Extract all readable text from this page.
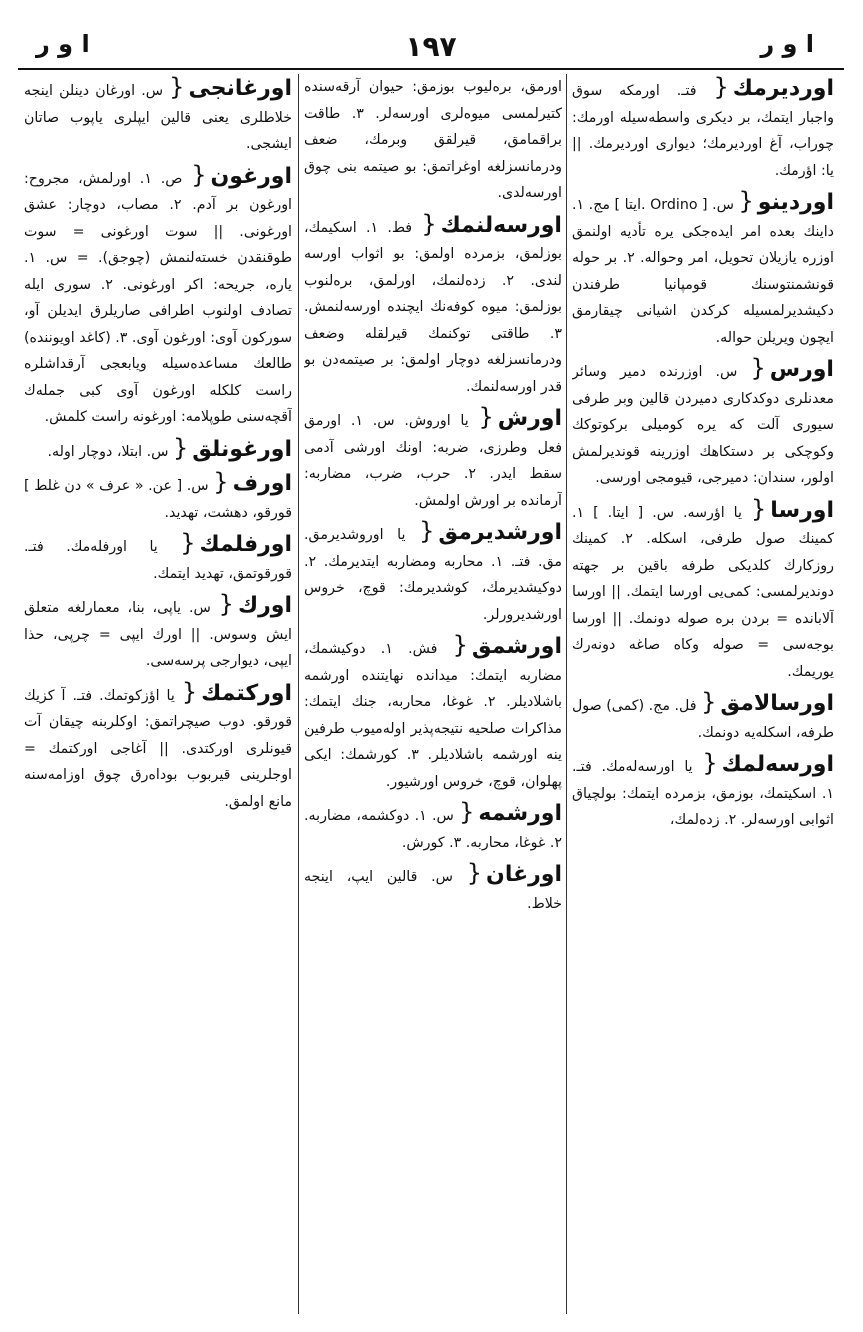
ا و ر	۱۹۷	ا و ر

اوردیرمك{ فتـ. اورمكه سوق واجبار ایتمك، بر دیكری واسطه‌سیله اورمك: چوراب، آغ اوردیرمك؛ دیواری اوردیرمك. || یا: اؤرمك.

اوردینو{ س. [ Ordino .ایتا ] مج. ۱. داینك بعده امر ایده‌جكی یره تأدیه اولنمق اوزره یازیلان تحویل، امر وحواله. ۲. بر حوله قونشمنتوسنك قومپانیا طرفندن دكیشدیرلمسیله كركدن اشیانی چیقارمق ایچون ویریلن حواله.

اورس{ س. اوزرنده دمیر وسائر معدنلری دوكدكاری دمیردن قالین وبر طرفی سیوری آلت كه یره كومیلی بركوتوكك وكوچكی بر دستكاهك اوزرینه قوندیرلمش اولور، سندان: دمیرجی، قیومجی اورسی.

اورسا{ یا اؤرسه. س. [ ایتا. ] ۱. كمینك صول طرفی، اسكله. ۲. كمینك روزكارك كلدیكی طرفه باقین بر جهته دوندیرلمسی: كمی‌یی اورسا ایتمك. || اورسا آلابانده = بردن بره صوله دونمك. || اورسا بوجه‌سی = صوله وكاه صاغه دونه‌رك یوریمك.

اورسالامق{ فل. مج. (كمی) صول طرفه، اسكله‌یه دونمك.

اورسه‌لمك{ یا اورسه‌له‌مك. فتـ. ۱. اسكیتمك، بوزمق، بزمرده ایتمك: بولچیاق اثوابی اورسه‌لر. ۲. زده‌لمك،

اورمق، بره‌لیوب بوزمق: حیوان آرقه‌سنده كتیرلمسی میوه‌لری اورسه‌لر. ۳. طاقت براقمامق، قیرلقق وبرمك، ضعف ودرمانسزلغه اوغراتمق: بو صیتمه بنی چوق اورسه‌لدی.

اورسه‌لنمك{ فط. ۱. اسكیمك، بوزلمق، بزمرده اولمق: بو اثواب اورسه لندی. ۲. زده‌لنمك، اورلمق، بره‌لنوب بوزلمق: میوه كوفه‌نك ایچنده اورسه‌لنمش. ۳. طاقتی توكنمك قیرلقله وضعف ودرمانسزلغه دوچار اولمق: بر صیتمه‌دن بو قدر اورسه‌لنمك.

اورش{ یا اوروش. س. ۱. اورمق فعل وطرزی، ضربه: اونك اورشی آدمی سقط ایدر. ۲. حرب، ضرب، مضاربه: آرمانده بر اورش اولمش.

اورشدیرمق{ یا اوروشدیرمق. مق. فتـ. ۱. محاربه ومضاربه ایتدیرمك. ۲. دوكیشدیرمك، كوشدیرمك: قوچ، خروس اورشدیرورلر.

اورشمق{ فش. ۱. دوكیشمك، مضاربه ایتمك: میدانده نهایتنده اورشمه باشلادیلر. ۲. غوغا، محاربه، جنك ایتمك: مذاكرات صلحیه نتیجه‌پذیر اوله‌میوب طرفین ینه اورشمه باشلادیلر. ۳. كورشمك: ایكی پهلوان، قوچ، خروس اورشیور.

اورشمه{ س. ۱. دوكشمه، مضاربه. ۲. غوغا، محاربه. ۳. كورش.

اورغان{ س. قالین ایپ، اینجه خلاط.

اورغانجی{ س. اورغان دینلن اینجه خلاطلری یعنی قالین ایپلری یاپوب صاتان ایشجی.

اورغون{ ص. ۱. اورلمش، مجروح: اورغون بر آدم. ۲. مصاب، دوچار: عشق اورغونی. || سوت اورغونی = سوت طوقنقدن خسته‌لنمش (چوجق). = س. ۱. یاره، جریحه: اكر اورغونی. ۲. سوری ایله تصادف اولنوب اطرافی صاریلرق ایدیلن آو، سوركون آوی: اورغون آوی. ۳. (كاغد اویوننده) طالعك مساعده‌سیله ویابعجی آرقداشلره راست كلكله اورغون آوی كبی جمله‌ك آقچه‌سنی طوپلامه: اورغونه راست كلمش.

اورغونلق{ س. ابتلا، دوچار اوله.

اورف{ س. [ عن. « عرف » دن غلط ] قورقو، دهشت، تهدید.

اورفلمك{ یا اورفله‌مك. فتـ. قورقوتمق، تهدید ایتمك.

اورك{ س. یاپی، بنا، معمارلغه متعلق ایش وسوس. || اورك ایپی = چرپی، حذا ایپی، دیوارجی پرسه‌سی.

اوركتمك{ یا اؤزكوتمك. فتـ. آ كزیك قورقو. دوب صیچراتمق: اوكلربنه چیقان آت قیونلری اوركتدی. || آغاجی اوركتمك = اوجلرینی قیربوب بوداه‌رق چوق اوزامه‌سنه مانع اولمق.
